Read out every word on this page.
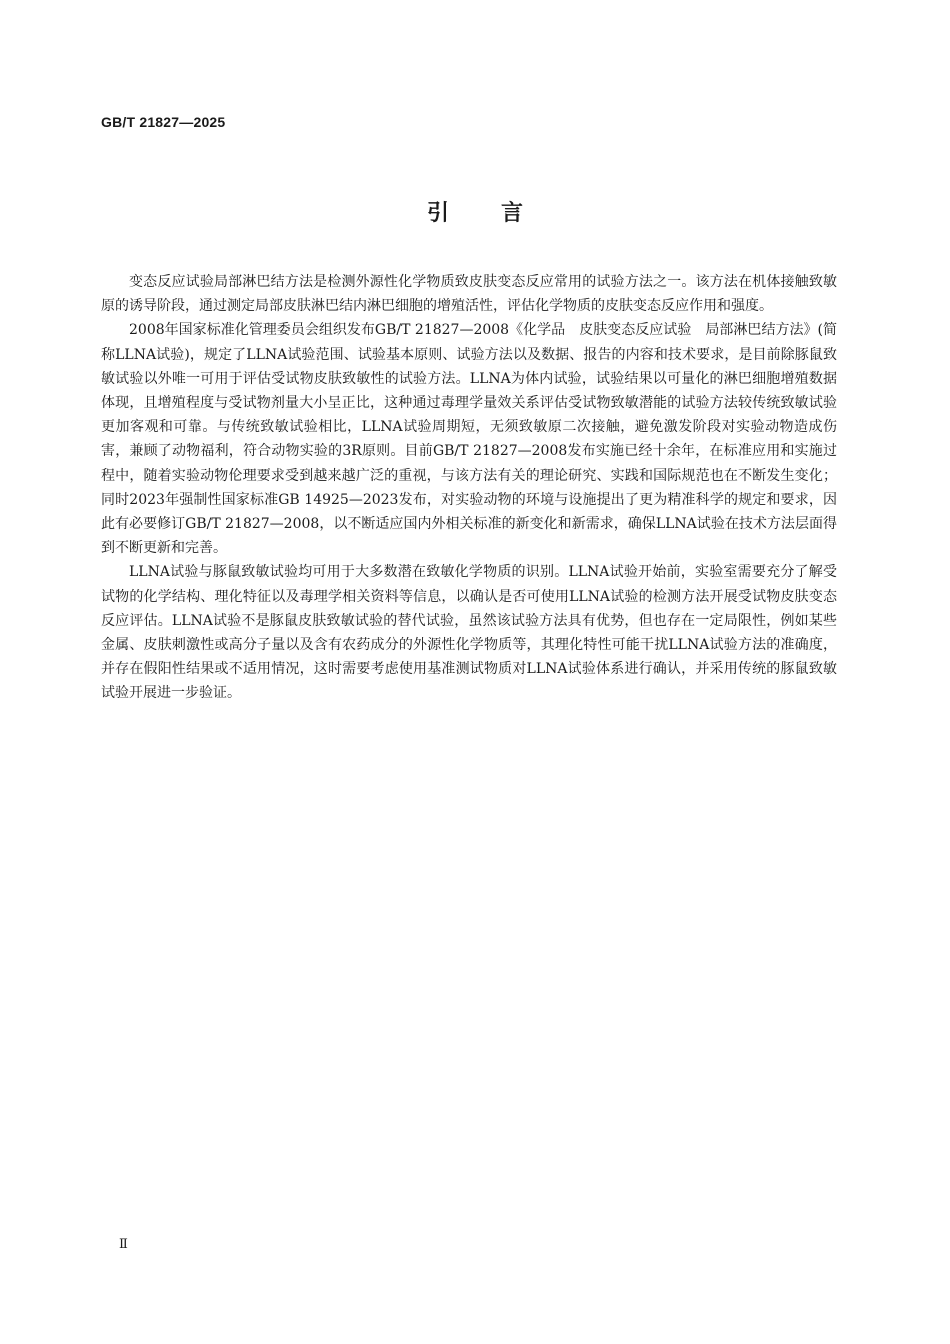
GB/T 21827—2025
引言

变态反应试验局部淋巴结方法是检测外源性化学物质致皮肤变态反应常用的试验方法之一。该方法在机体接触致敏原的诱导阶段，通过测定局部皮肤淋巴结内淋巴细胞的增殖活性，评估化学物质的皮肤变态反应作用和强度。

2008年国家标准化管理委员会组织发布GB/T 21827—2008《化学品　皮肤变态反应试验　局部淋巴结方法》(简称LLNA试验)，规定了LLNA试验范围、试验基本原则、试验方法以及数据、报告的内容和技术要求，是目前除豚鼠致敏试验以外唯一可用于评估受试物皮肤致敏性的试验方法。LLNA为体内试验，试验结果以可量化的淋巴细胞增殖数据体现，且增殖程度与受试物剂量大小呈正比，这种通过毒理学量效关系评估受试物致敏潜能的试验方法较传统致敏试验更加客观和可靠。与传统致敏试验相比，LLNA试验周期短，无须致敏原二次接触，避免激发阶段对实验动物造成伤害，兼顾了动物福利，符合动物实验的3R原则。目前GB/T 21827—2008发布实施已经十余年，在标准应用和实施过程中，随着实验动物伦理要求受到越来越广泛的重视，与该方法有关的理论研究、实践和国际规范也在不断发生变化；同时2023年强制性国家标准GB 14925—2023发布，对实验动物的环境与设施提出了更为精准科学的规定和要求，因此有必要修订GB/T 21827—2008，以不断适应国内外相关标准的新变化和新需求，确保LLNA试验在技术方法层面得到不断更新和完善。

LLNA试验与豚鼠致敏试验均可用于大多数潜在致敏化学物质的识别。LLNA试验开始前，实验室需要充分了解受试物的化学结构、理化特征以及毒理学相关资料等信息，以确认是否可使用LLNA试验的检测方法开展受试物皮肤变态反应评估。LLNA试验不是豚鼠皮肤致敏试验的替代试验，虽然该试验方法具有优势，但也存在一定局限性，例如某些金属、皮肤刺激性或高分子量以及含有农药成分的外源性化学物质等，其理化特性可能干扰LLNA试验方法的准确度，并存在假阳性结果或不适用情况，这时需要考虑使用基准测试物质对LLNA试验体系进行确认，并采用传统的豚鼠致敏试验开展进一步验证。

Ⅱ
